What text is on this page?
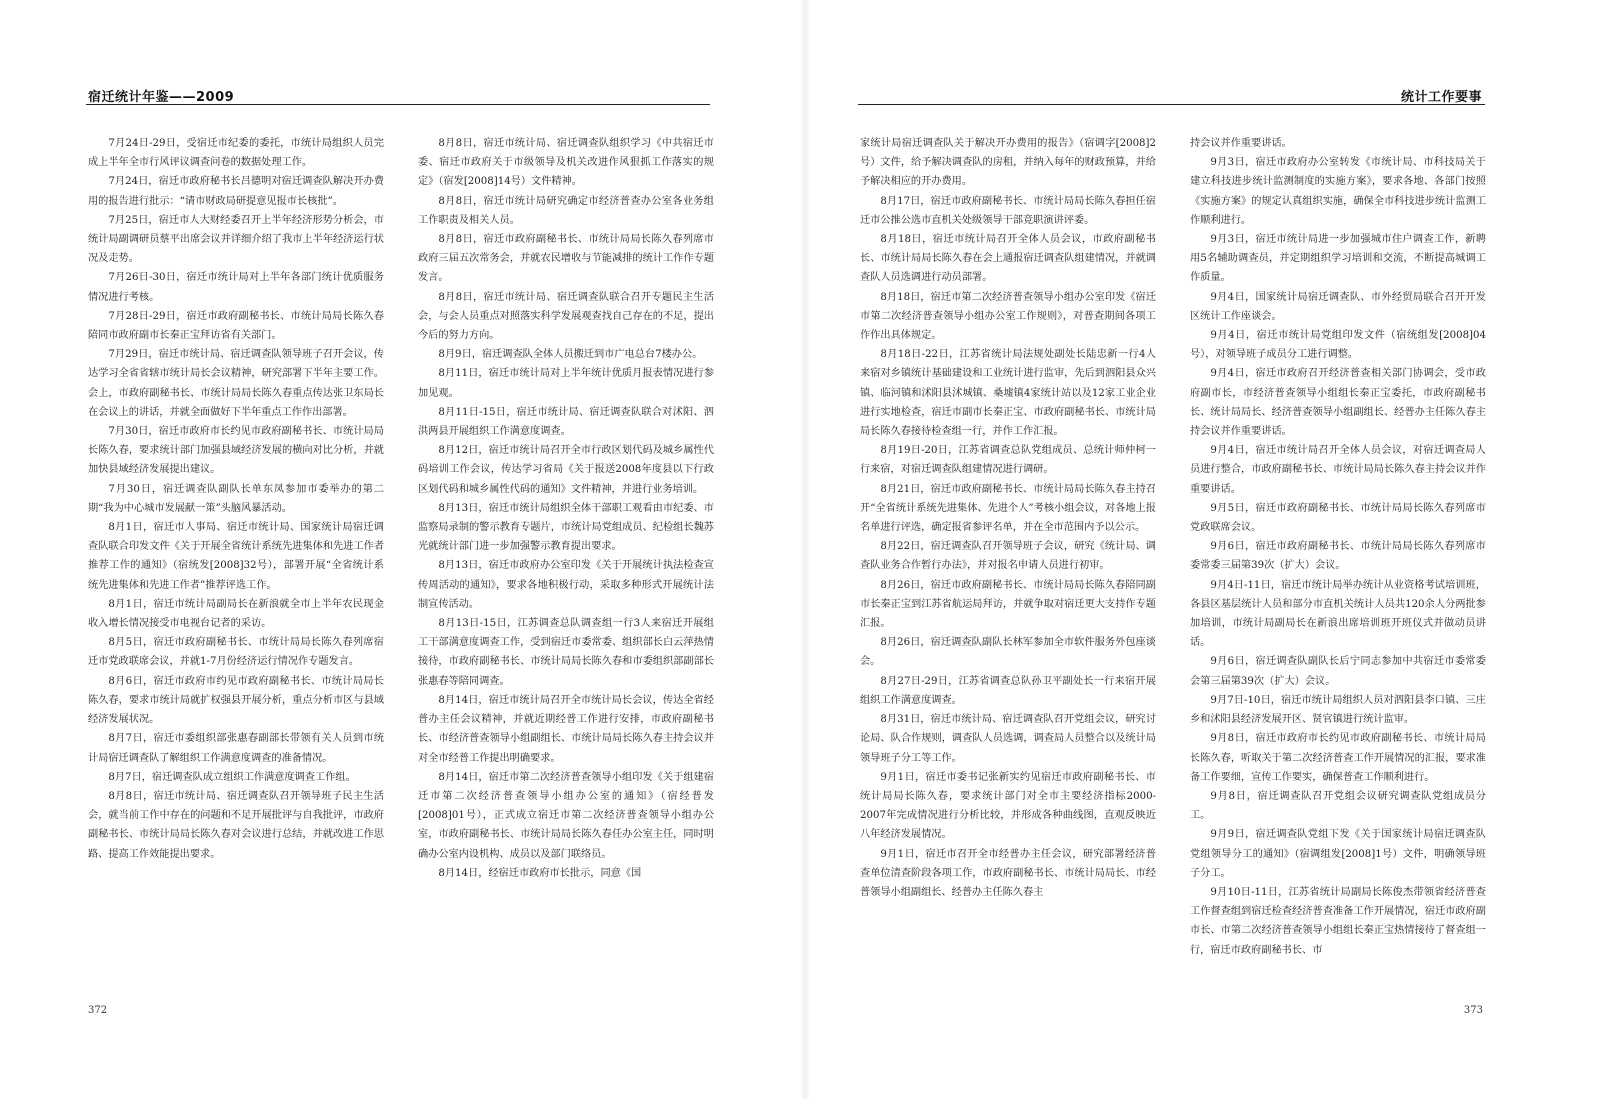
宿迁统计年鉴——2009

7月24日-29日，受宿迁市纪委的委托，市统计局组织人员完成上半年全市行风评议调查问卷的数据处理工作。

7月24日，宿迁市政府秘书长吕德明对宿迁调查队解决开办费用的报告进行批示：“请市财政局研提意见报市长核批”。

7月25日，宿迁市人大财经委召开上半年经济形势分析会，市统计局副调研员蔡平出席会议并详细介绍了我市上半年经济运行状况及走势。

7月26日-30日，宿迁市统计局对上半年各部门统计优质服务情况进行考核。

7月28日-29日，宿迁市政府副秘书长、市统计局局长陈久春陪同市政府副市长秦正宝拜访省有关部门。

7月29日，宿迁市统计局、宿迁调查队领导班子召开会议，传达学习全省省辖市统计局长会议精神，研究部署下半年主要工作。会上，市政府副秘书长、市统计局局长陈久春重点传达张卫东局长在会议上的讲话，并就全面做好下半年重点工作作出部署。

7月30日，宿迁市政府市长约见市政府副秘书长、市统计局局长陈久春，要求统计部门加强县域经济发展的横向对比分析，并就加快县域经济发展提出建议。

7月30日，宿迁调查队副队长单东凤参加市委举办的第二期“我为中心城市发展献一策”头脑风暴活动。

8月1日，宿迁市人事局、宿迁市统计局、国家统计局宿迁调查队联合印发文件《关于开展全省统计系统先进集体和先进工作者推荐工作的通知》（宿统发[2008]32号），部署开展“全省统计系统先进集体和先进工作者”推荐评选工作。

8月1日，宿迁市统计局副局长在新浪就全市上半年农民现金收入增长情况接受市电视台记者的采访。

8月5日，宿迁市政府副秘书长、市统计局局长陈久春列席宿迁市党政联席会议，并就1-7月份经济运行情况作专题发言。

8月6日，宿迁市政府市约见市政府副秘书长、市统计局局长陈久春，要求市统计局就扩权强县开展分析，重点分析市区与县域经济发展状况。

8月7日，宿迁市委组织部张惠春副部长带领有关人员到市统计局宿迁调查队了解组织工作满意度调查的准备情况。

8月7日，宿迁调查队成立组织工作满意度调查工作组。

8月8日，宿迁市统计局、宿迁调查队召开领导班子民主生活会，就当前工作中存在的问题和不足开展批评与自我批评，市政府副秘书长、市统计局局长陈久春对会议进行总结，并就改进工作思路、提高工作效能提出要求。

8月8日，宿迁市统计局、宿迁调查队组织学习《中共宿迁市委、宿迁市政府关于市级领导及机关改进作风狠抓工作落实的规定》（宿发[2008]14号）文件精神。

8月8日，宿迁市统计局研究确定市经济普查办公室各业务组工作职责及相关人员。

8月8日，宿迁市政府副秘书长、市统计局局长陈久春列席市政府三届五次常务会，并就农民增收与节能减排的统计工作作专题发言。

8月8日，宿迁市统计局、宿迁调查队联合召开专题民主生活会，与会人员重点对照落实科学发展观查找自己存在的不足，提出今后的努力方向。

8月9日，宿迁调查队全体人员搬迁到市广电总台7楼办公。

8月11日，宿迁市统计局对上半年统计优质月报表情况进行参加见观。

8月11日-15日，宿迁市统计局、宿迁调查队联合对沭阳、泗洪两县开展组织工作满意度调查。

8月12日，宿迁市统计局召开全市行政区划代码及城乡属性代码培训工作会议，传达学习省局《关于报送2008年度县以下行政区划代码和城乡属性代码的通知》文件精神，并进行业务培训。

8月13日，宿迁市统计局组织全体干部职工观看由市纪委、市监察局录制的警示教育专题片，市统计局党组成员、纪检组长魏苏光就统计部门进一步加强警示教育提出要求。

8月13日，宿迁市政府办公室印发《关于开展统计执法检查宣传周活动的通知》，要求各地积极行动，采取多种形式开展统计法制宣传活动。

8月13日-15日，江苏调查总队调查组一行3人来宿迁开展组工干部满意度调查工作，受到宿迁市委常委、组织部长白云萍热情接待，市政府副秘书长、市统计局局长陈久春和市委组织部副部长张惠春等陪同调查。

8月14日，宿迁市统计局召开全市统计局长会议，传达全省经普办主任会议精神，并就近期经普工作进行安排，市政府副秘书长、市经济普查领导小组副组长、市统计局局长陈久春主持会议并对全市经普工作提出明确要求。

8月14日，宿迁市第二次经济普查领导小组印发《关于组建宿迁市第二次经济普查领导小组办公室的通知》（宿经普发[2008]01号），正式成立宿迁市第二次经济普查领导小组办公室，市政府副秘书长、市统计局局长陈久春任办公室主任，同时明确办公室内设机构、成员以及部门联络员。

8月14日，经宿迁市政府市长批示，同意《国

372
统计工作要事

家统计局宿迁调查队关于解决开办费用的报告》（宿调字[2008]2号）文件，给予解决调查队的房租，并纳入每年的财政预算，并给予解决相应的开办费用。

8月17日，宿迁市政府副秘书长、市统计局局长陈久春担任宿迁市公推公选市直机关处级领导干部竞职演讲评委。

8月18日，宿迁市统计局召开全体人员会议，市政府副秘书长、市统计局局长陈久春在会上通报宿迁调查队组建情况，并就调查队人员选调进行动员部署。

8月18日，宿迁市第二次经济普查领导小组办公室印发《宿迁市第二次经济普查领导小组办公室工作规则》，对普查期间各项工作作出具体规定。

8月18日-22日，江苏省统计局法规处副处长陆忠新一行4人来宿对乡镇统计基础建设和工业统计进行监审，先后到泗阳县众兴镇、临河镇和沭阳县沭城镇、桑墟镇4家统计站以及12家工业企业进行实地检查，宿迁市副市长秦正宝、市政府副秘书长、市统计局局长陈久春接待检查组一行，并作工作汇报。

8月19日-20日，江苏省调查总队党组成员、总统计师仲柯一行来宿，对宿迁调查队组建情况进行调研。

8月21日，宿迁市政府副秘书长、市统计局局长陈久春主持召开“全省统计系统先进集体、先进个人”考核小组会议，对各地上报名单进行评选，确定报省参评名单，并在全市范围内予以公示。

8月22日，宿迁调查队召开领导班子会议，研究《统计局、调查队业务合作暂行办法》，并对报名申请人员进行初审。

8月26日，宿迁市政府副秘书长、市统计局局长陈久春陪同副市长秦正宝到江苏省航运局拜访，并就争取对宿迁更大支持作专题汇报。

8月26日，宿迁调查队副队长林军参加全市软件服务外包座谈会。

8月27日-29日，江苏省调查总队孙卫平副处长一行来宿开展组织工作满意度调查。

8月31日，宿迁市统计局、宿迁调查队召开党组会议，研究讨论局、队合作规则，调查队人员选调，调查局人员整合以及统计局领导班子分工等工作。

9月1日，宿迁市委书记张新实约见宿迁市政府副秘书长、市统计局局长陈久春，要求统计部门对全市主要经济指标2000-2007年完成情况进行分析比较，并形成各种曲线图，直观反映近八年经济发展情况。

9月1日，宿迁市召开全市经普办主任会议，研究部署经济普查单位清查阶段各项工作，市政府副秘书长、市统计局局长、市经普领导小组副组长、经普办主任陈久春主

持会议并作重要讲话。

9月3日，宿迁市政府办公室转发《市统计局、市科技局关于建立科技进步统计监测制度的实施方案》，要求各地、各部门按照《实施方案》的规定认真组织实施，确保全市科技进步统计监测工作顺利进行。

9月3日，宿迁市统计局进一步加强城市住户调查工作，新聘用5名辅助调查员，并定期组织学习培训和交流，不断提高城调工作质量。

9月4日，国家统计局宿迁调查队、市外经贸局联合召开开发区统计工作座谈会。

9月4日，宿迁市统计局党组印发文件（宿统组发[2008]04号），对领导班子成员分工进行调整。

9月4日，宿迁市政府召开经济普查相关部门协调会，受市政府副市长，市经济普查领导小组组长秦正宝委托，市政府副秘书长、统计局局长、经济普查领导小组副组长、经普办主任陈久春主持会议并作重要讲话。

9月4日，宿迁市统计局召开全体人员会议，对宿迁调查局人员进行整合，市政府副秘书长、市统计局局长陈久春主持会议并作重要讲话。

9月5日，宿迁市政府副秘书长、市统计局局长陈久春列席市党政联席会议。

9月6日，宿迁市政府副秘书长、市统计局局长陈久春列席市委常委三届第39次（扩大）会议。

9月4日-11日，宿迁市统计局举办统计从业资格考试培训班，各县区基层统计人员和部分市直机关统计人员共120余人分两批参加培训，市统计局副局长在新浪出席培训班开班仪式并做动员讲话。

9月6日，宿迁调查队副队长后宁同志参加中共宿迁市委常委会第三届第39次（扩大）会议。

9月7日-10日，宿迁市统计局组织人员对泗阳县李口镇、三庄乡和沭阳县经济发展开区、贤官镇进行统计监审。

9月8日，宿迁市政府市长约见市政府副秘书长、市统计局局长陈久春，听取关于第二次经济普查工作开展情况的汇报，要求准备工作要细，宣传工作要实，确保普查工作顺利进行。

9月8日，宿迁调查队召开党组会议研究调查队党组成员分工。

9月9日，宿迁调查队党组下发《关于国家统计局宿迁调查队党组领导分工的通知》（宿调组发[2008]1号）文件，明确领导班子分工。

9月10日-11日，江苏省统计局副局长陈俊杰带领省经济普查工作督查组到宿迁检查经济普查准备工作开展情况，宿迁市政府副市长、市第二次经济普查领导小组组长秦正宝热情接待了督查组一行，宿迁市政府副秘书长、市

373
